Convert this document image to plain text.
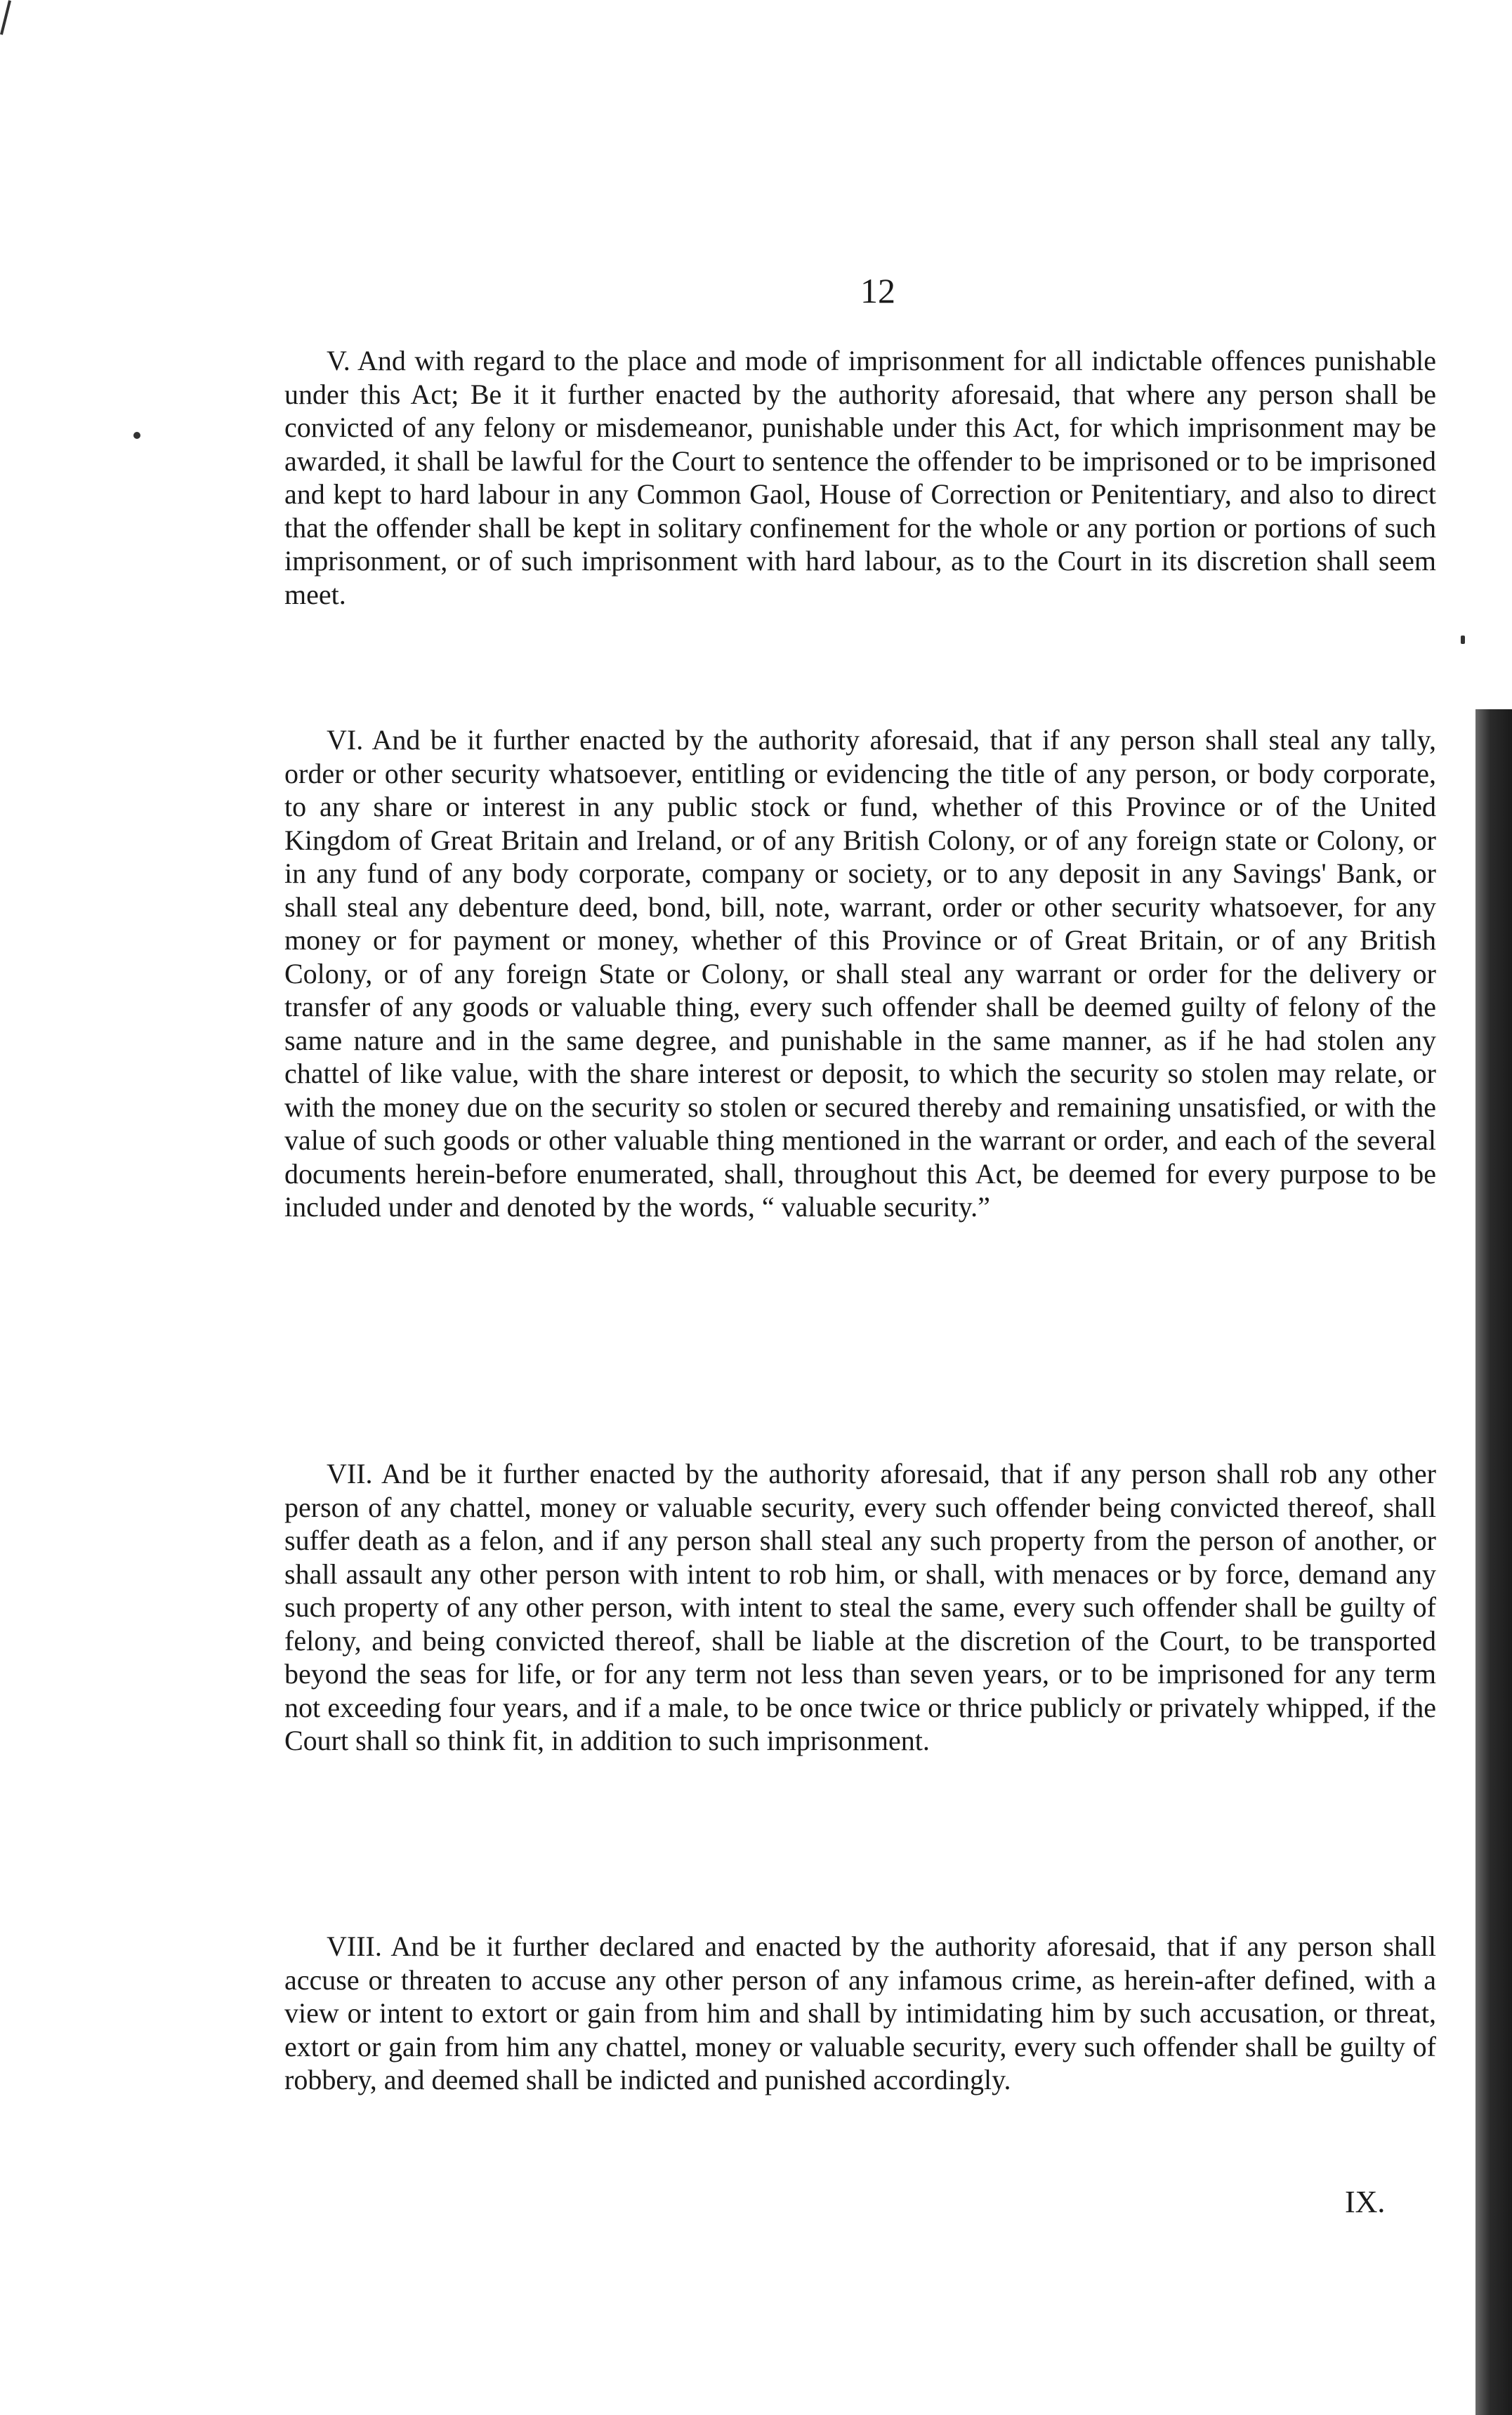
12

V. And with regard to the place and mode of imprisonment for all indictable offences punishable under this Act; Be it it further enacted by the authority aforesaid, that where any person shall be convicted of any felony or misdemeanor, punishable under this Act, for which imprisonment may be awarded, it shall be lawful for the Court to sentence the offender to be imprisoned or to be imprisoned and kept to hard labour in any Common Gaol, House of Correction or Penitentiary, and also to direct that the offender shall be kept in solitary confinement for the whole or any portion or portions of such imprisonment, or of such imprisonment with hard labour, as to the Court in its discretion shall seem meet.

VI. And be it further enacted by the authority aforesaid, that if any person shall steal any tally, order or other security whatsoever, entitling or evidencing the title of any person, or body corporate, to any share or interest in any public stock or fund, whether of this Province or of the United Kingdom of Great Britain and Ireland, or of any British Colony, or of any foreign state or Colony, or in any fund of any body corporate, company or society, or to any deposit in any Savings' Bank, or shall steal any debenture deed, bond, bill, note, warrant, order or other security whatsoever, for any money or for payment or money, whether of this Province or of Great Britain, or of any British Colony, or of any foreign State or Colony, or shall steal any warrant or order for the delivery or transfer of any goods or valuable thing, every such offender shall be deemed guilty of felony of the same nature and in the same degree, and punishable in the same manner, as if he had stolen any chattel of like value, with the share interest or deposit, to which the security so stolen may relate, or with the money due on the security so stolen or secured thereby and remaining unsatisfied, or with the value of such goods or other valuable thing mentioned in the warrant or order, and each of the several documents herein-before enumerated, shall, throughout this Act, be deemed for every purpose to be included under and denoted by the words, “ valuable security.”

VII. And be it further enacted by the authority aforesaid, that if any person shall rob any other person of any chattel, money or valuable security, every such offender being convicted thereof, shall suffer death as a felon, and if any person shall steal any such property from the person of another, or shall assault any other person with intent to rob him, or shall, with menaces or by force, demand any such property of any other person, with intent to steal the same, every such offender shall be guilty of felony, and being convicted thereof, shall be liable at the discretion of the Court, to be transported beyond the seas for life, or for any term not less than seven years, or to be imprisoned for any term not exceeding four years, and if a male, to be once twice or thrice publicly or privately whipped, if the Court shall so think fit, in addition to such imprisonment.

VIII. And be it further declared and enacted by the authority aforesaid, that if any person shall accuse or threaten to accuse any other person of any infamous crime, as herein-after defined, with a view or intent to extort or gain from him and shall by intimidating him by such accusation, or threat, extort or gain from him any chattel, money or valuable security, every such offender shall be guilty of robbery, and deemed shall be indicted and punished accordingly.

IX.
